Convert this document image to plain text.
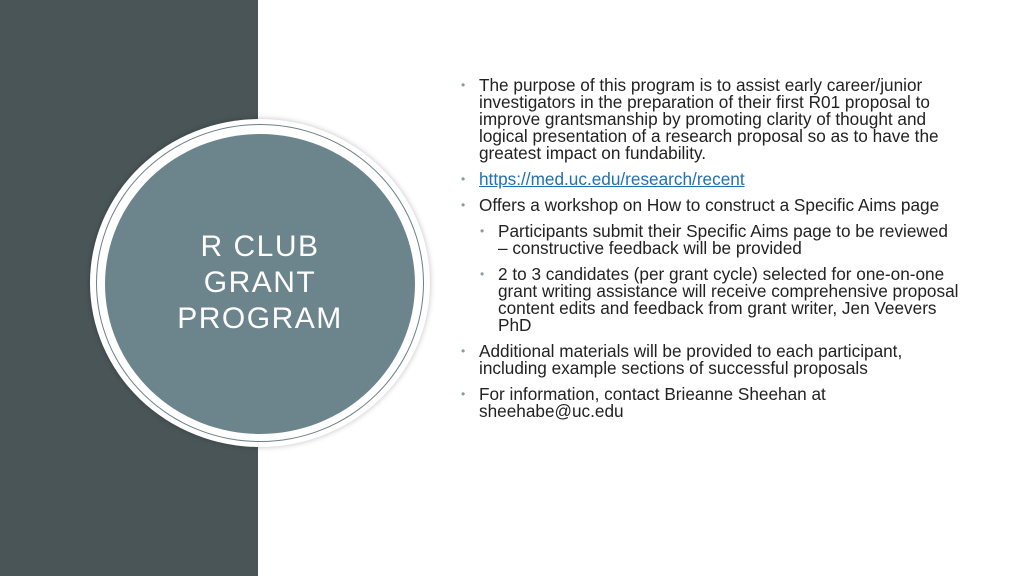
R CLUB
GRANT
PROGRAM
• The purpose of this program is to assist early career/junior investigators in the preparation of their first R01 proposal to improve grantsmanship by promoting clarity of thought and logical presentation of a research proposal so as to have the greatest impact on fundability.
• https://med.uc.edu/research/recent
• Offers a workshop on How to construct a Specific Aims page
• Participants submit their Specific Aims page to be reviewed – constructive feedback will be provided
• 2 to 3 candidates (per grant cycle) selected for one-on-one grant writing assistance will receive comprehensive proposal content edits and feedback from grant writer, Jen Veevers PhD
• Additional materials will be provided to each participant, including example sections of successful proposals
• For information, contact Brieanne Sheehan at sheehabe@uc.edu
